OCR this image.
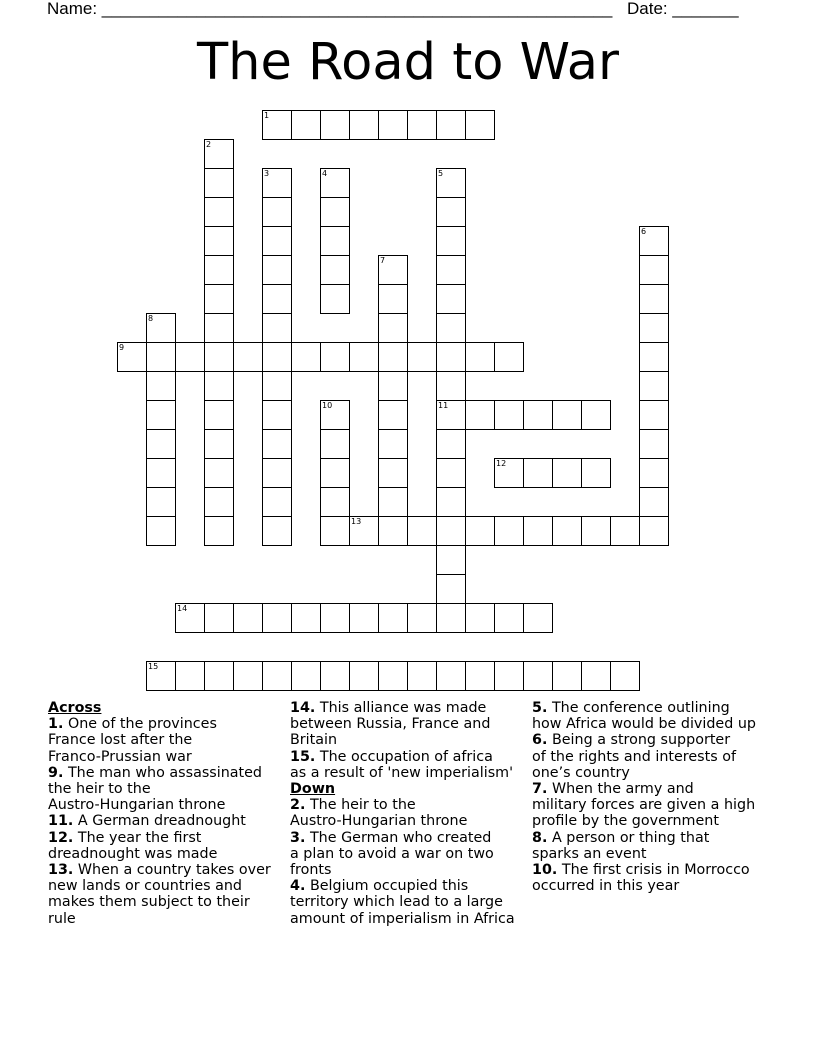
Name: ______________________________________________________ Date: _______
The Road to War
1
2
3	4	5
11
6
7
8
9
10
12
13
14
15
Across
1. One of the provinces
France lost after the
Franco-Prussian war
9. The man who assassinated
the heir to the
Austro-Hungarian throne
11. A German dreadnought
12. The year the first
dreadnought was made
13. When a country takes over
new lands or countries and
makes them subject to their
rule
14. This alliance was made
between Russia, France and
Britain
15. The occupation of africa
as a result of 'new imperialism'
Down
2. The heir to the
Austro-Hungarian throne
3. The German who created
a plan to avoid a war on two
fronts
4. Belgium occupied this
territory which lead to a large
amount of imperialism in Africa
5. The conference outlining
how Africa would be divided up
6. Being a strong supporter
of the rights and interests of
one’s country
7. When the army and
military forces are given a high
profile by the government
8. A person or thing that
sparks an event
10. The first crisis in Morrocco
occurred in this year
